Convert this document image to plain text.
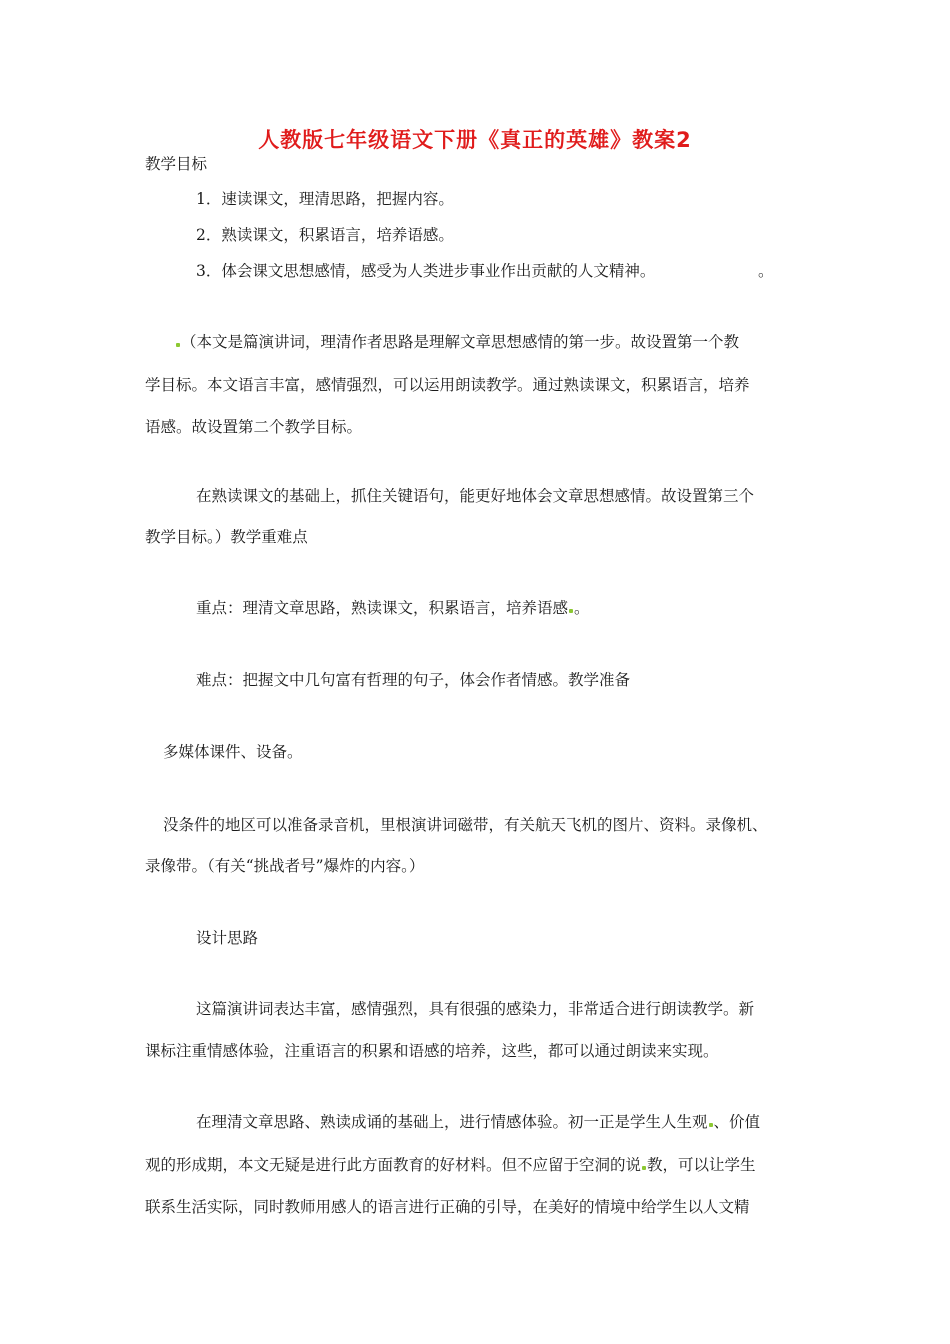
人教版七年级语文下册《真正的英雄》教案2
教学目标
1．速读课文，理清思路，把握内容。
2．熟读课文，积累语言，培养语感。
3．体会课文思想感情，感受为人类进步事业作出贡献的人文精神。	。
（本文是篇演讲词，理清作者思路是理解文章思想感情的第一步。故设置第一个教
学目标。本文语言丰富，感情强烈，可以运用朗读教学。通过熟读课文，积累语言，培养
语感。故设置第二个教学目标。
在熟读课文的基础上，抓住关键语句，能更好地体会文章思想感情。故设置第三个
教学目标。）教学重难点
重点：理清文章思路，熟读课文，积累语言，培养语感 。
难点：把握文中几句富有哲理的句子，体会作者情感。教学准备
多媒体课件、设备。
没条件的地区可以准备录音机，里根演讲词磁带，有关航天飞机的图片、资料。录像机、
录像带。（有关“挑战者号”爆炸的内容。）
设计思路
这篇演讲词表达丰富，感情强烈，具有很强的感染力，非常适合进行朗读教学。新
课标注重情感体验，注重语言的积累和语感的培养，这些，都可以通过朗读来实现。
在理清文章思路、熟读成诵的基础上，进行情感体验。初一正是学生人生观 、价值
观的形成期，本文无疑是进行此方面教育的好材料。但不应留于空洞的说 教，可以让学生
联系生活实际，同时教师用感人的语言进行正确的引导，在美好的情境中给学生以人文精
